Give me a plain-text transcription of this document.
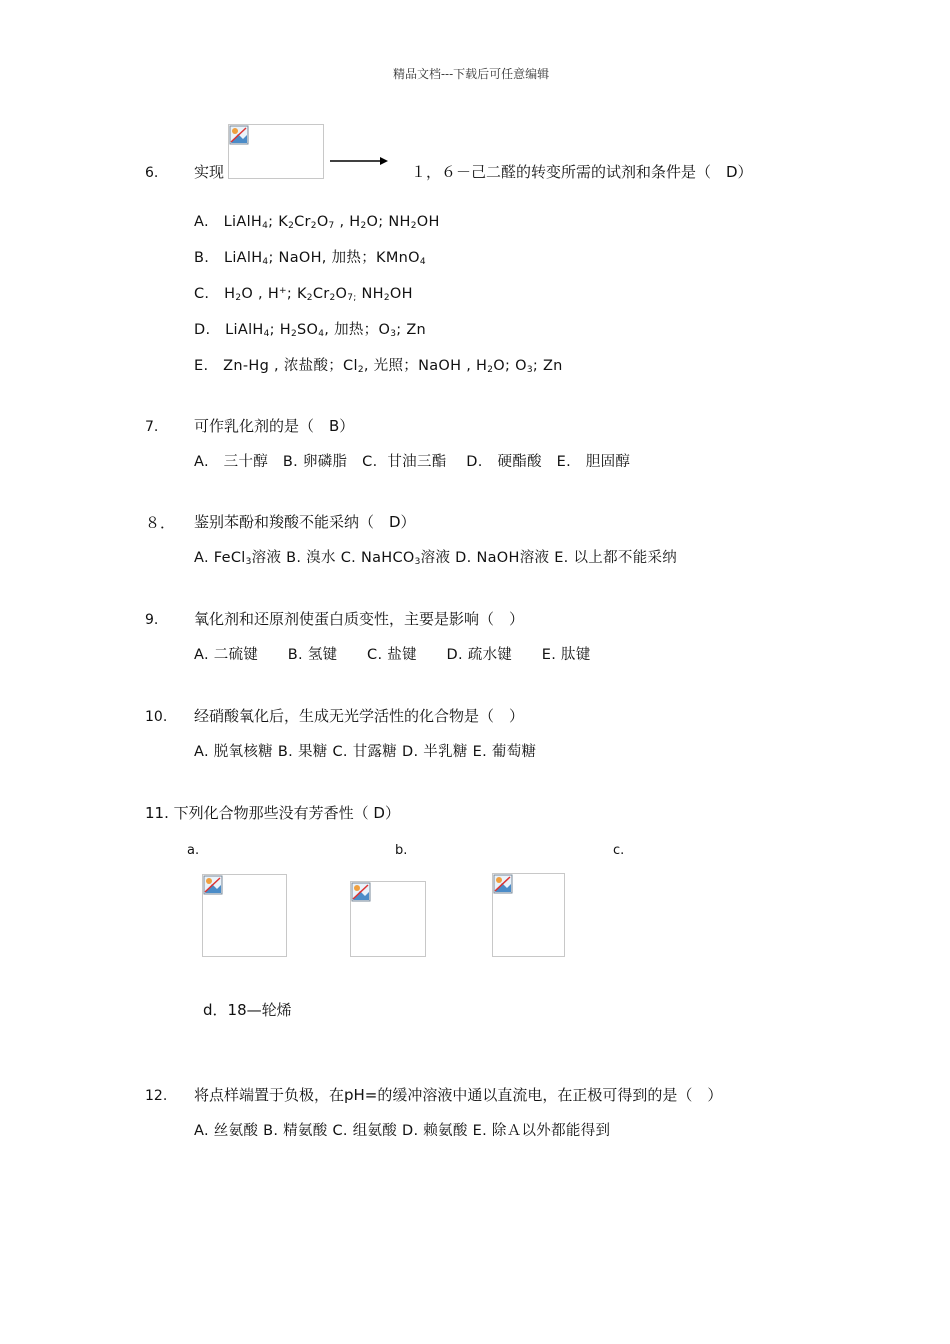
精品文档---下载后可任意编辑
6. 实现	１，６－己二醛的转变所需的试剂和条件是（　D）
A.　LiAlH$_4$; $K_2Cr_2O_7$ , $H_2O$; $NH_2OH$
B.　LiAlH$_4$; NaOH, 加热；KMnO$_4$
C.　$H_2O$ , H+; $K_2Cr_2O_{7;}$ $NH_2OH$
D.　LiAlH$_4$; $H_2SO_4$, 加热；$O_3$; Zn
E.　Zn-Hg , 浓盐酸；$Cl_2$, 光照；NaOH , $H_2O$; $O_3$; Zn
7. 可作乳化剂的是（　B）
A.　三十醇　B. 卵磷脂　C．甘油三酯　 D.　硬酯酸　E.　胆固醇
８． 鉴别苯酚和羧酸不能采纳（　D）
A. FeCl$_3$溶液 B. 溴水 C. NaHCO$_3$溶液 D. NaOH溶液 E. 以上都不能采纳
9. 氧化剂和还原剂使蛋白质变性，主要是影响（　）
A. 二硫键　　B. 氢键　　C. 盐键　　D. 疏水键　　E. 肽键
10. 经硝酸氧化后，生成无光学活性的化合物是（　）
A. 脱氧核糖 B. 果糖 C. 甘露糖 D. 半乳糖 E. 葡萄糖
11. 下列化合物那些没有芳香性（ D）
a.	b.	c.
d．18—轮烯
12. 将点样端置于负极，在pH=的缓冲溶液中通以直流电，在正极可得到的是（　）
A. 丝氨酸 B. 精氨酸 C. 组氨酸 D. 赖氨酸 E. 除Ａ以外都能得到
